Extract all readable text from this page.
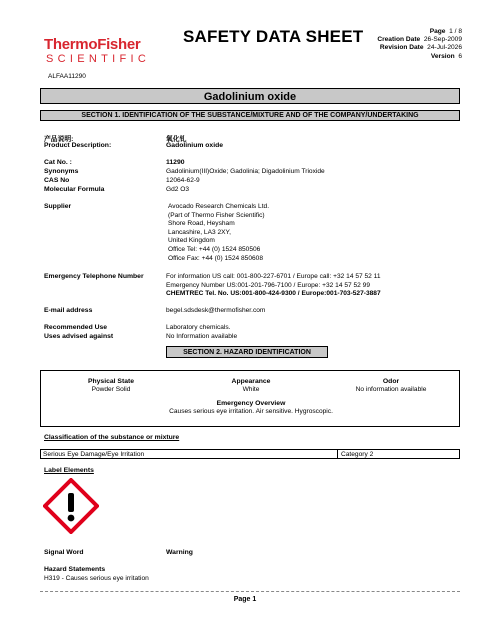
ThermoFisher
SCIENTIFIC
SAFETY DATA SHEET	Page 1 / 8
Creation Date 26-Sep-2009
Revision Date 24-Jul-2026
Version 6
ALFAA11290
Gadolinium oxide
SECTION 1. IDENTIFICATION OF THE SUBSTANCE/MIXTURE AND OF THE COMPANY/UNDERTAKING
产品说明:	氧化钆
Product Description:	Gadolinium oxide
Cat No. :	11290
Synonyms	Gadolinium(III)Oxide; Gadolinia; Digadolinium Trioxide
CAS No	12064-62-9
Molecular Formula	Gd2 O3
Supplier	Avocado Research Chemicals Ltd.
(Part of Thermo Fisher Scientific)
Shore Road, Heysham
Lancashire, LA3 2XY,
United Kingdom
Office Tel: +44 (0) 1524 850506
Office Fax: +44 (0) 1524 850608
Emergency Telephone Number	For information US call: 001-800-227-6701 / Europe call: +32 14 57 52 11
Emergency Number US:001-201-796-7100 / Europe: +32 14 57 52 99
CHEMTREC Tel. No. US:001-800-424-9300 / Europe:001-703-527-3887
E-mail address	begel.sdsdesk@thermofisher.com
Recommended Use	Laboratory chemicals.
Uses advised against	No Information available
SECTION 2. HAZARD IDENTIFICATION
Physical State
Powder Solid
Appearance
White
Odor
No information available
Emergency Overview
Causes serious eye irritation. Air sensitive. Hygroscopic.
Classification of the substance or mixture
Serious Eye Damage/Eye Irritation	Category 2
Label Elements
Signal Word	Warning
Hazard Statements
H319 - Causes serious eye irritation
Page 1
